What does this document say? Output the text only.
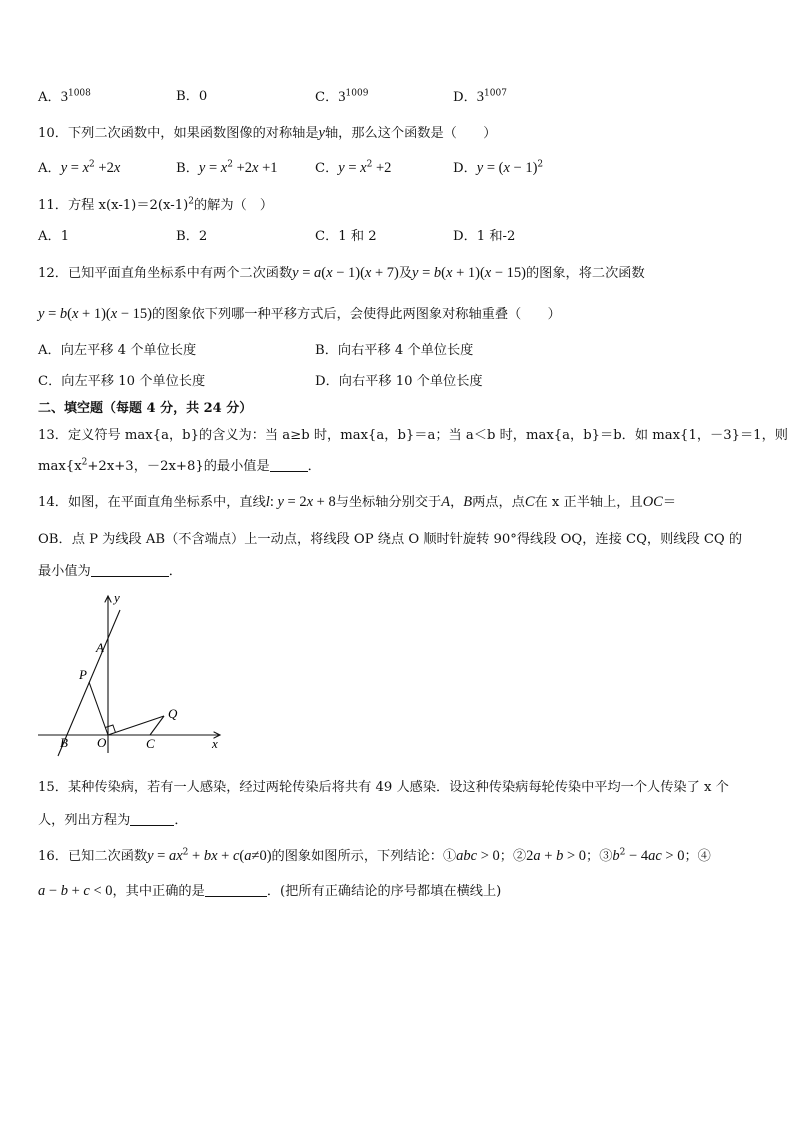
A．$3^{1008}$	B．0	C．$3^{1009}$	D．$3^{1007}$
10．下列二次函数中，如果函数图像的对称轴是y轴，那么这个函数是（　　）
A．$y = x^2 +2x$	B．$y = x^2 +2x +1$	C．$y = x^2 +2$	D．$y = (x - 1)^2$
11．方程 $x(x-1)=2(x-1)^2$的解为（　）
A．1	B．2	C．1 和 2	D．1 和-2
12．已知平面直角坐标系中有两个二次函数y = a(x − 1)(x + 7)及y = b(x + 1)(x − 15)的图象，将二次函数
y = b(x + 1)(x − 15)的图象依下列哪一种平移方式后，会使得此两图象对称轴重叠（　　）
A．向左平移 4 个单位长度	B．向右平移 4 个单位长度
C．向左平移 10 个单位长度	D．向右平移 10 个单位长度
二、填空题（每题 4 分，共 24 分）
13．定义符号 max{a，b}的含义为：当 a≥b 时，max{a，b}＝a；当 a＜b 时，max{a，b}＝b．如 max{1，－3}＝1，则
$\max\{x^2+2x+3$，－2x+8}的最小值是	．
14．如图，在平面直角坐标系中，直线l: y = 2x + 8与坐标轴分别交于A，B两点，点C在 x 正半轴上，且OC＝
OB．点 P 为线段 AB（不含端点）上一动点，将线段 OP 绕点 O 顺时针旋转 90°得线段 OQ，连接 CQ，则线段 CQ 的
最小值为	．
y
x
A
P
B O	C
Q
15．某种传染病，若有一人感染，经过两轮传染后将共有 49 人感染．设这种传染病每轮传染中平均一个人传染了 x 个
人，列出方程为	．
16．已知二次函数$y = ax^2$ + bx + c(a≠0)的图象如图所示，下列结论：①abc > 0；②2a + b > 0；$③b^2 - 4ac > 0$；④
a − b + c < 0，其中正确的是	．(把所有正确结论的序号都填在横线上)
